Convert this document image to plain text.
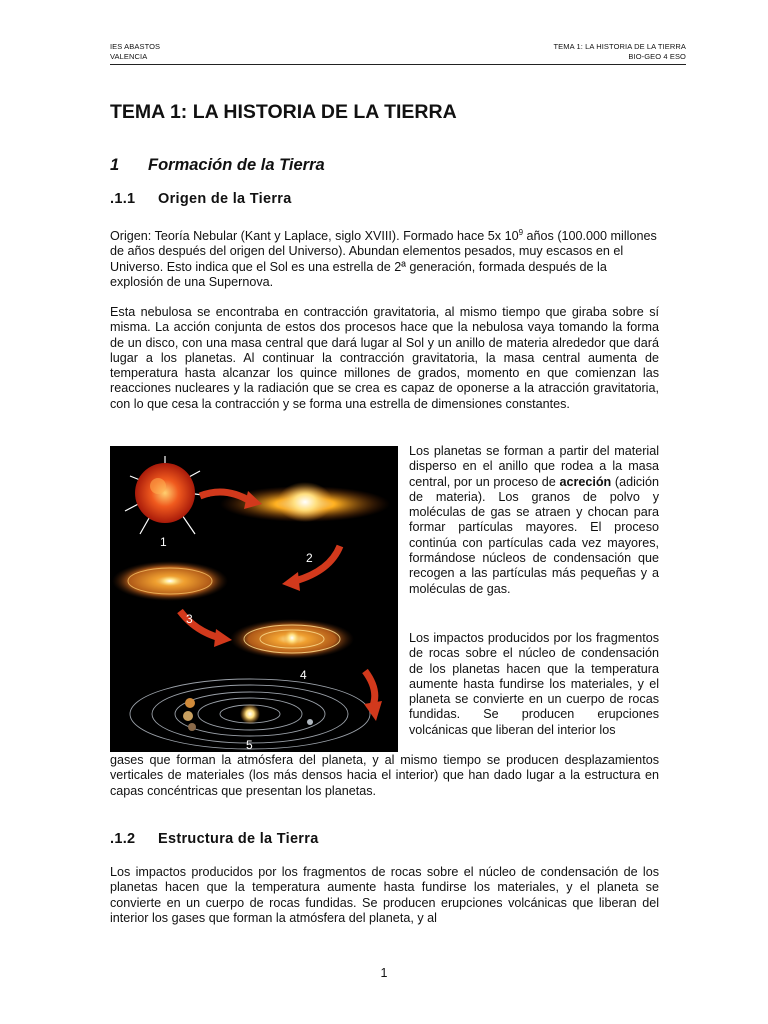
IES ABASTOS
VALENCIA
TEMA 1: LA HISTORIA DE LA TIERRA
BIO-GEO 4 ESO
TEMA 1: LA HISTORIA DE LA TIERRA
1 Formación de la Tierra
.1.1 Origen de la Tierra

Origen: Teoría Nebular (Kant y Laplace, siglo XVIII). Formado hace 5x $10^9$ años (100.000 millones de años después del origen del Universo). Abundan elementos pesados, muy escasos en el Universo. Esto indica que el Sol es una estrella de 2ª generación, formada después de la explosión de una Supernova.

Esta nebulosa se encontraba en contracción gravitatoria, al mismo tiempo que giraba sobre sí misma. La acción conjunta de estos dos procesos hace que la nebulosa vaya tomando la forma de un disco, con una masa central que dará lugar al Sol y un anillo de materia alrededor que dará lugar a los planetas. Al continuar la contracción gravitatoria, la masa central aumenta de temperatura hasta alcanzar los quince millones de grados, momento en que comienzan las reacciones nucleares y la radiación que se crea es capaz de oponerse a la atracción gravitatoria, con lo que cesa la contracción y se forma una estrella de dimensiones constantes.

1
2
3
4
5

Los planetas se forman a partir del material disperso en el anillo que rodea a la masa central, por un proceso de acreción (adición de materia). Los granos de polvo y moléculas de gas se atraen y chocan para formar partículas mayores. El proceso continúa con partículas cada vez mayores, formándose núcleos de condensación que recogen a las partículas más pequeñas y a moléculas de gas.

Los impactos producidos por los fragmentos de rocas sobre el núcleo de condensación de los planetas hacen que la temperatura aumente hasta fundirse los materiales, y el planeta se convierte en un cuerpo de rocas fundidas. Se producen erupciones volcánicas que liberan del interior los

gases que forman la atmósfera del planeta, y al mismo tiempo se producen desplazamientos verticales de materiales (los más densos hacia el interior) que han dado lugar a la estructura en capas concéntricas que presentan los planetas.

.1.2 Estructura de la Tierra

Los impactos producidos por los fragmentos de rocas sobre el núcleo de condensación de los planetas hacen que la temperatura aumente hasta fundirse los materiales, y el planeta se convierte en un cuerpo de rocas fundidas. Se producen erupciones volcánicas que liberan del interior los gases que forman la atmósfera del planeta, y al

1
